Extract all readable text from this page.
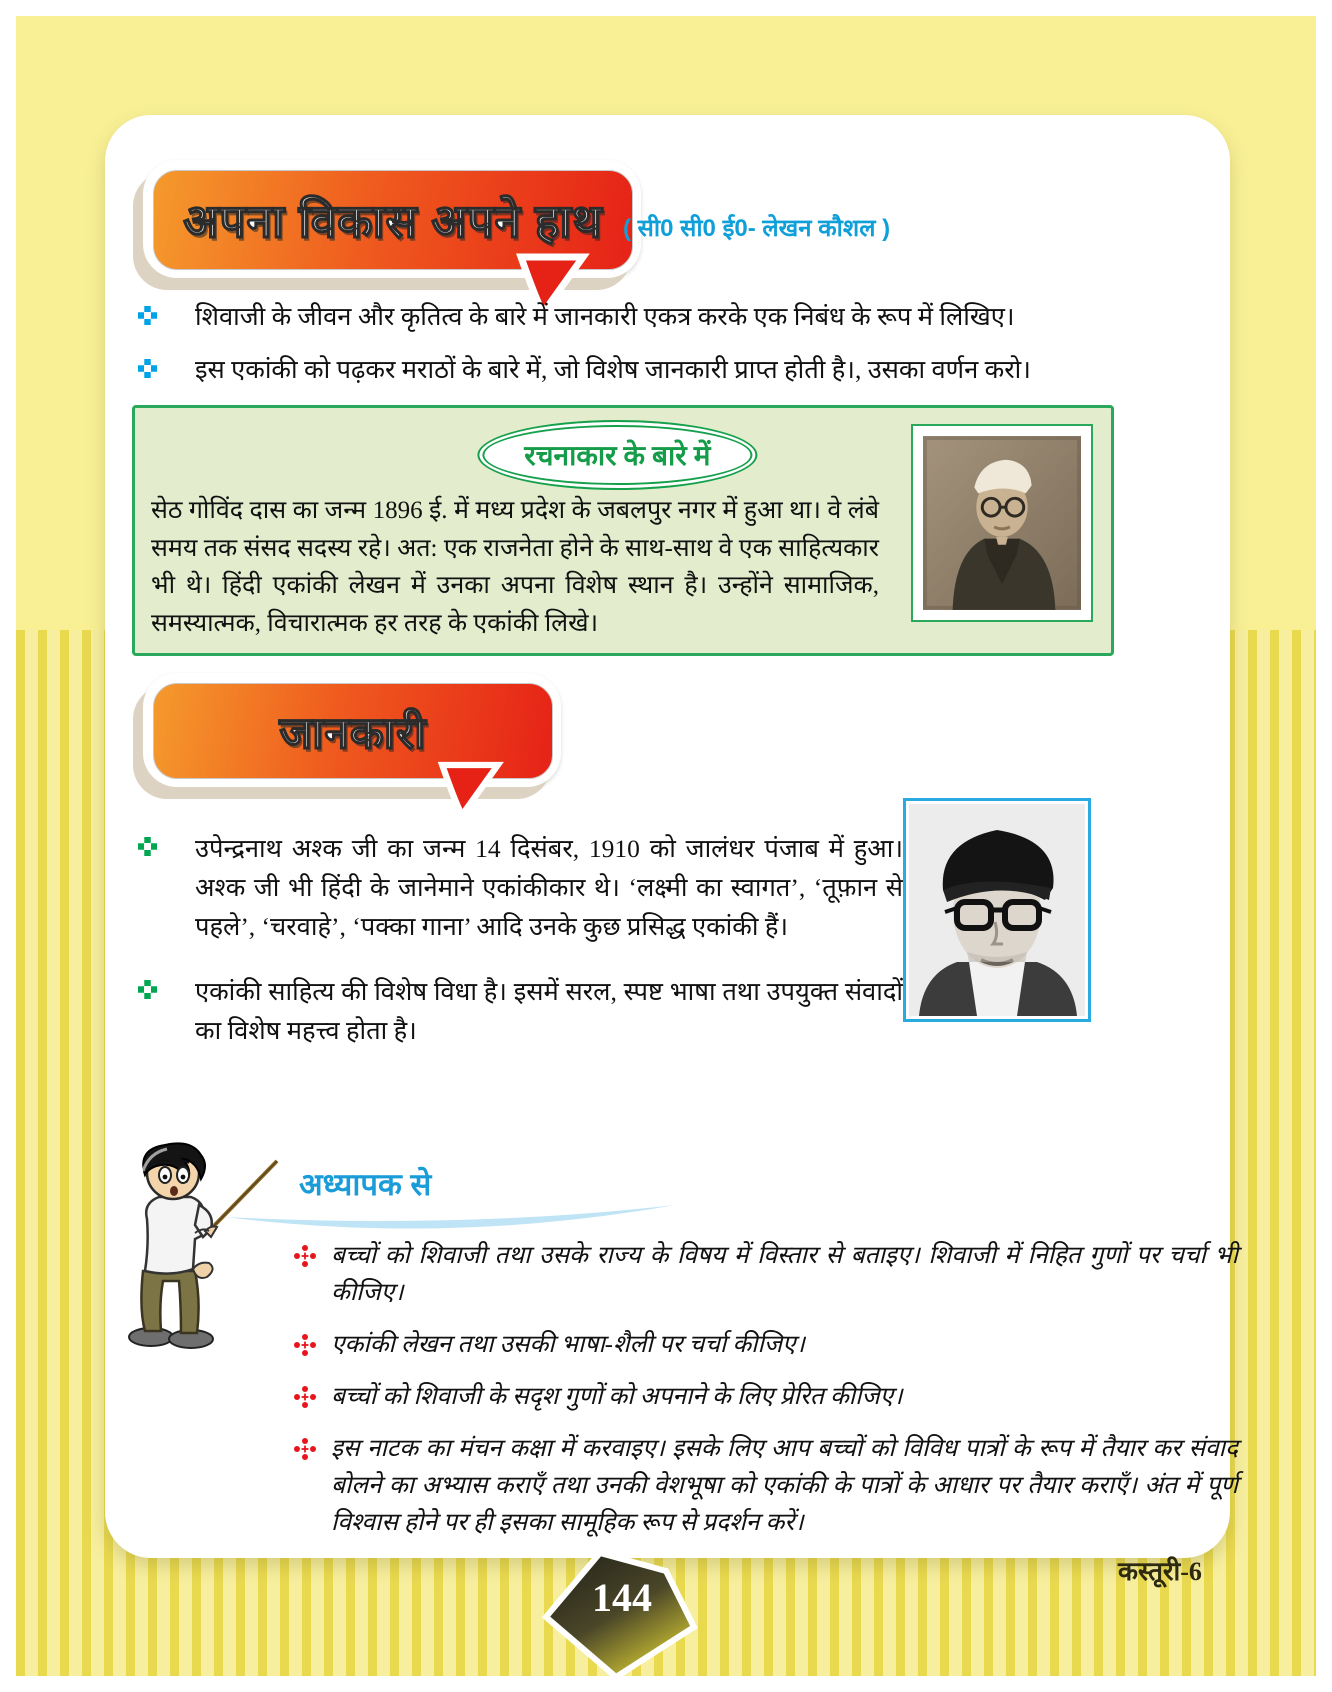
अपना विकास अपने हाथ ( सी0 सी0 ई0- लेखन कौशल )
शिवाजी के जीवन और कृतित्व के बारे में जानकारी एकत्र करके एक निबंध के रूप में लिखिए।
इस एकांकी को पढ़कर मराठों के बारे में, जो विशेष जानकारी प्राप्त होती है।, उसका वर्णन करो।
रचनाकार के बारे में
सेठ गोविंद दास का जन्म 1896 ई. में मध्य प्रदेश के जबलपुर नगर में हुआ था। वे लंबे समय तक संसद सदस्य रहे। अत: एक राजनेता होने के साथ-साथ वे एक साहित्यकार भी थे। हिंदी एकांकी लेखन में उनका अपना विशेष स्थान है। उन्होंने सामाजिक, समस्यात्मक, विचारात्मक हर तरह के एकांकी लिखे।
जानकारी
उपेन्द्रनाथ अश्क जी का जन्म 14 दिसंबर, 1910 को जालंधर पंजाब में हुआ। अश्क जी भी हिंदी के जानेमाने एकांकीकार थे। ‘लक्ष्मी का स्वागत’, ‘तूफ़ान से पहले’, ‘चरवाहे’, ‘पक्का गाना’ आदि उनके कुछ प्रसिद्ध एकांकी हैं।
एकांकी साहित्य की विशेष विधा है। इसमें सरल, स्पष्ट भाषा तथा उपयुक्त संवादों का विशेष महत्त्व होता है।
अध्यापक से
बच्चों को शिवाजी तथा उसके राज्य के विषय में विस्तार से बताइए। शिवाजी में निहित गुणों पर चर्चा भी कीजिए।
एकांकी लेखन तथा उसकी भाषा-शैली पर चर्चा कीजिए।
बच्चों को शिवाजी के सदृश गुणों को अपनाने के लिए प्रेरित कीजिए।
इस नाटक का मंचन कक्षा में करवाइए। इसके लिए आप बच्चों को विविध पात्रों के रूप में तैयार कर संवाद बोलने का अभ्यास कराएँ तथा उनकी वेशभूषा को एकांकी के पात्रों के आधार पर तैयार कराएँ। अंत में पूर्ण विश्वास होने पर ही इसका सामूहिक रूप से प्रदर्शन करें।
144
कस्तूरी-6
